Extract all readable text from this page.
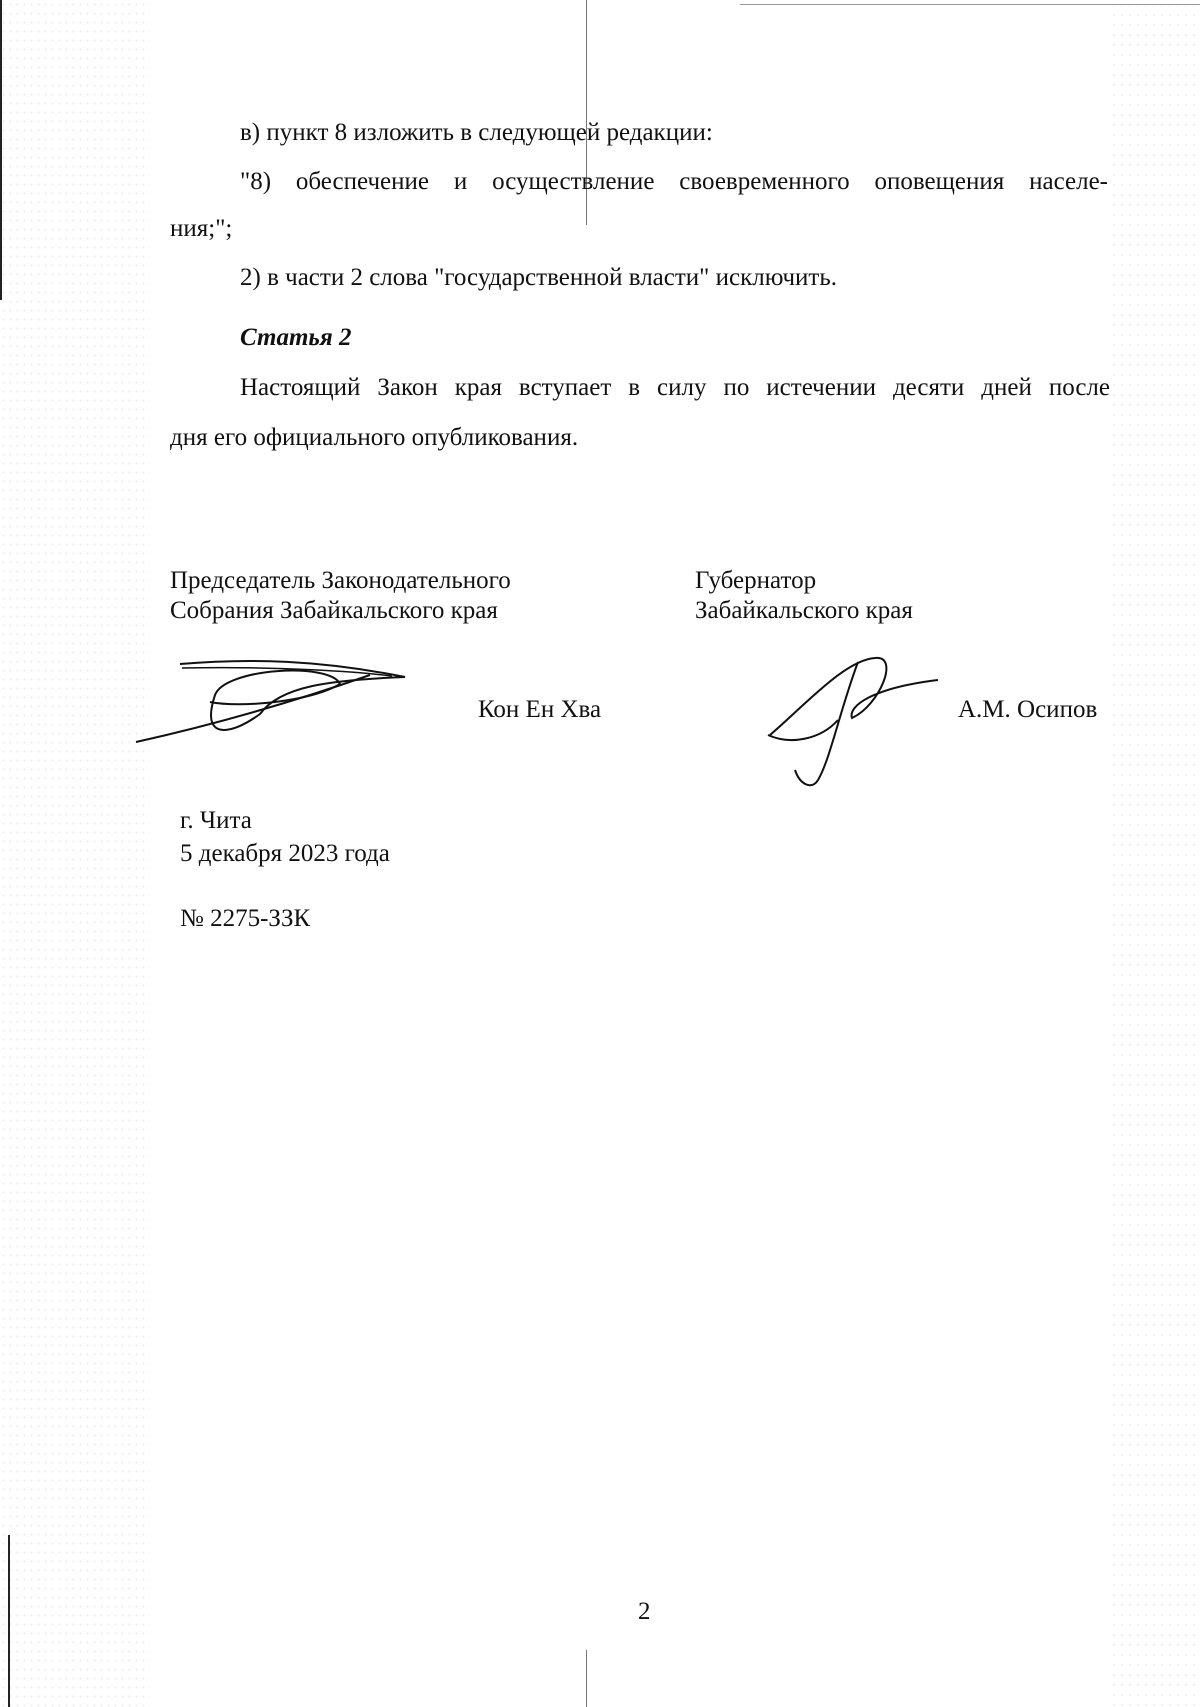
в) пункт 8 изложить в следующей редакции:
"8) обеспечение и осуществление своевременного оповещения населе-
ния;";
2) в части 2 слова "государственной власти" исключить.
Статья 2
Настоящий Закон края вступает в силу по истечении десяти дней после
дня его официального опубликования.
Председатель Законодательного
Собрания Забайкальского края
Губернатор
Забайкальского края
Кон Ен Хва	А.М. Осипов
г. Чита
5 декабря 2023 года
№ 2275-ЗЗК
2
